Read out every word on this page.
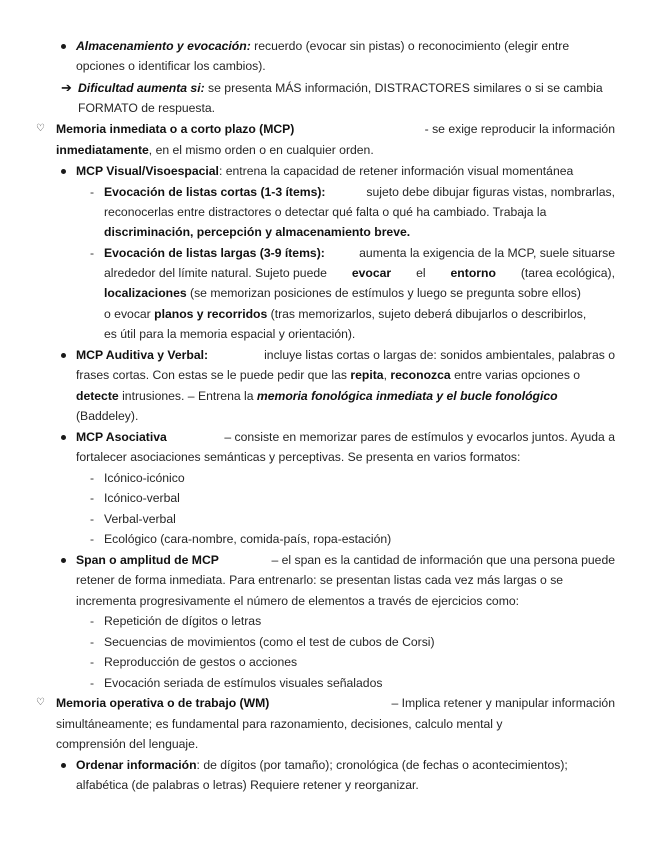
Almacenamiento y evocación: recuerdo (evocar sin pistas) o reconocimiento (elegir entre
opciones o identificar los cambios).
➔ Dificultad aumenta si: se presenta MÁS información, DISTRACTORES similares o si se cambia
FORMATO de respuesta.
♡ Memoria inmediata o a corto plazo (MCP)	- se exige reproducir la información
inmediatamente, en el mismo orden o en cualquier orden.
MCP Visual/Visoespacial: entrena la capacidad de retener información visual momentánea
- Evocación de listas cortas (1-3 ítems):	sujeto debe dibujar figuras vistas, nombrarlas,
reconocerlas entre distractores o detectar qué falta o qué ha cambiado. Trabaja la
discriminación, percepción y almacenamiento breve.
- Evocación de listas largas (3-9 ítems):	aumenta la exigencia de la MCP, suele situarse
alrededor del límite natural. Sujeto puede evocar el entorno (tarea ecológica),
localizaciones (se memorizan posiciones de estímulos y luego se pregunta sobre ellos)
o evocar planos y recorridos (tras memorizarlos, sujeto deberá dibujarlos o describirlos,
es útil para la memoria espacial y orientación).
MCP Auditiva y Verbal:	incluye listas cortas o largas de: sonidos ambientales, palabras o
frases cortas. Con estas se le puede pedir que las repita, reconozca entre varias opciones o
detecte intrusiones. – Entrena la memoria fonológica inmediata y el bucle fonológico
(Baddeley).
MCP Asociativa	– consiste en memorizar pares de estímulos y evocarlos juntos. Ayuda a
fortalecer asociaciones semánticas y perceptivas. Se presenta en varios formatos:
- Icónico-icónico
- Icónico-verbal
- Verbal-verbal
- Ecológico (cara-nombre, comida-país, ropa-estación)
Span o amplitud de MCP	– el span es la cantidad de información que una persona puede
retener de forma inmediata. Para entrenarlo: se presentan listas cada vez más largas o se
incrementa progresivamente el número de elementos a través de ejercicios como:
- Repetición de dígitos o letras
- Secuencias de movimientos (como el test de cubos de Corsi)
- Reproducción de gestos o acciones
- Evocación seriada de estímulos visuales señalados
♡ Memoria operativa o de trabajo (WM)	– Implica retener y manipular información
simultáneamente; es fundamental para razonamiento, decisiones, calculo mental y
comprensión del lenguaje.
Ordenar información: de dígitos (por tamaño); cronológica (de fechas o acontecimientos);
alfabética (de palabras o letras) Requiere retener y reorganizar.
